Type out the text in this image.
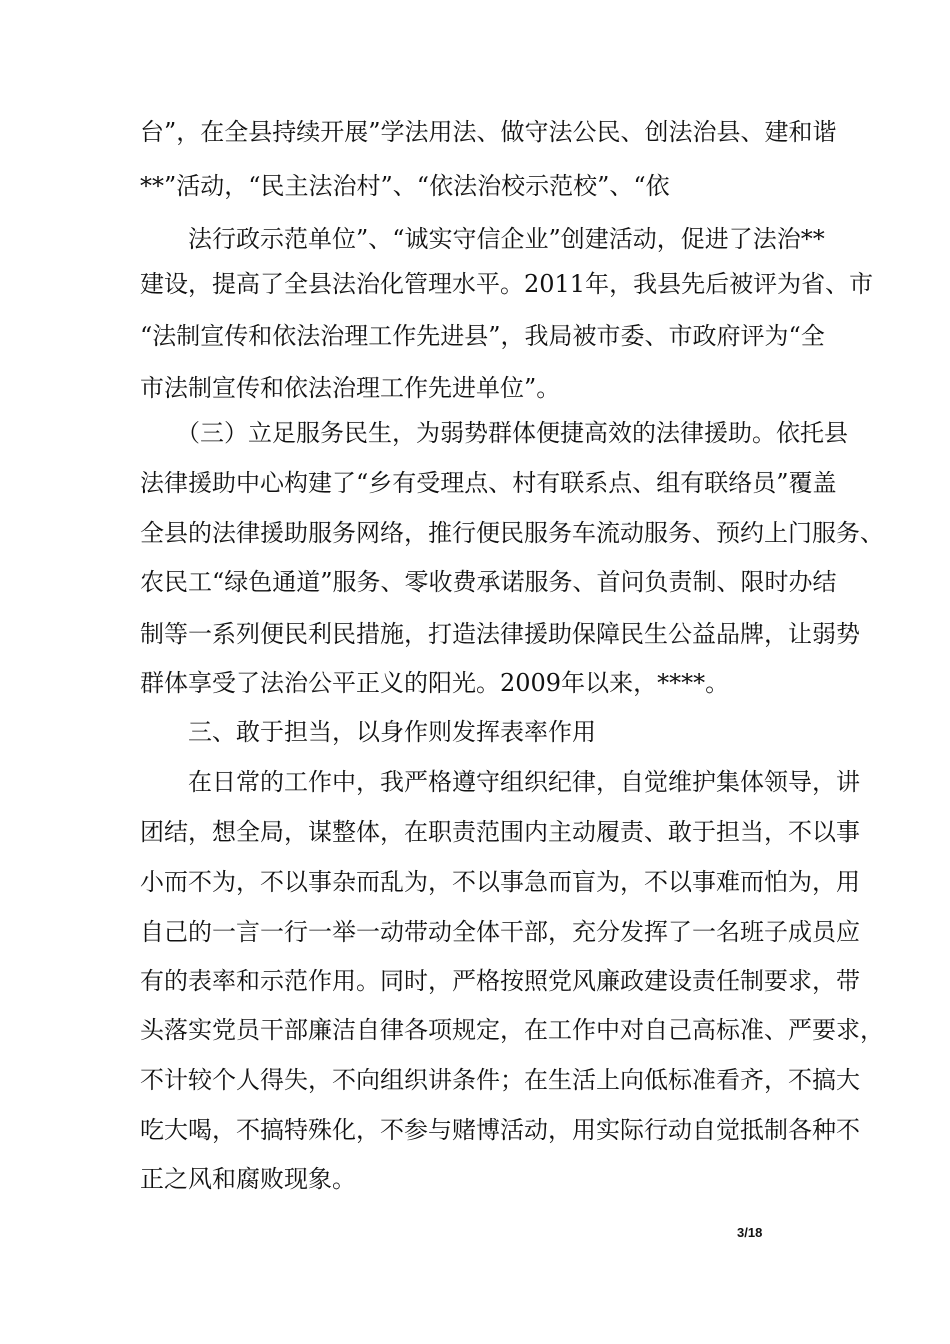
台”，在全县持续开展”学法用法、做守法公民、创法治县、建和谐
**”活动，“民主法治村”、“依法治校示范校”、“依
　　法行政示范单位”、“诚实守信企业”创建活动，促进了法治**
建设，提高了全县法治化管理水平。2011年，我县先后被评为省、市
“法制宣传和依法治理工作先进县”，我局被市委、市政府评为“全
市法制宣传和依法治理工作先进单位”。
　　（三）立足服务民生，为弱势群体便捷高效的法律援助。依托县
法律援助中心构建了“乡有受理点、村有联系点、组有联络员”覆盖
全县的法律援助服务网络，推行便民服务车流动服务、预约上门服务、
农民工“绿色通道”服务、零收费承诺服务、首问负责制、限时办结
制等一系列便民利民措施，打造法律援助保障民生公益品牌，让弱势
群体享受了法治公平正义的阳光。2009年以来，****。
　　三、敢于担当，以身作则发挥表率作用
　　在日常的工作中，我严格遵守组织纪律，自觉维护集体领导，讲
团结，想全局，谋整体，在职责范围内主动履责、敢于担当，不以事
小而不为，不以事杂而乱为，不以事急而盲为，不以事难而怕为，用
自己的一言一行一举一动带动全体干部，充分发挥了一名班子成员应
有的表率和示范作用。同时，严格按照党风廉政建设责任制要求，带
头落实党员干部廉洁自律各项规定，在工作中对自己高标准、严要求，
不计较个人得失，不向组织讲条件；在生活上向低标准看齐，不搞大
吃大喝，不搞特殊化，不参与赌博活动，用实际行动自觉抵制各种不
正之风和腐败现象。
3/18
